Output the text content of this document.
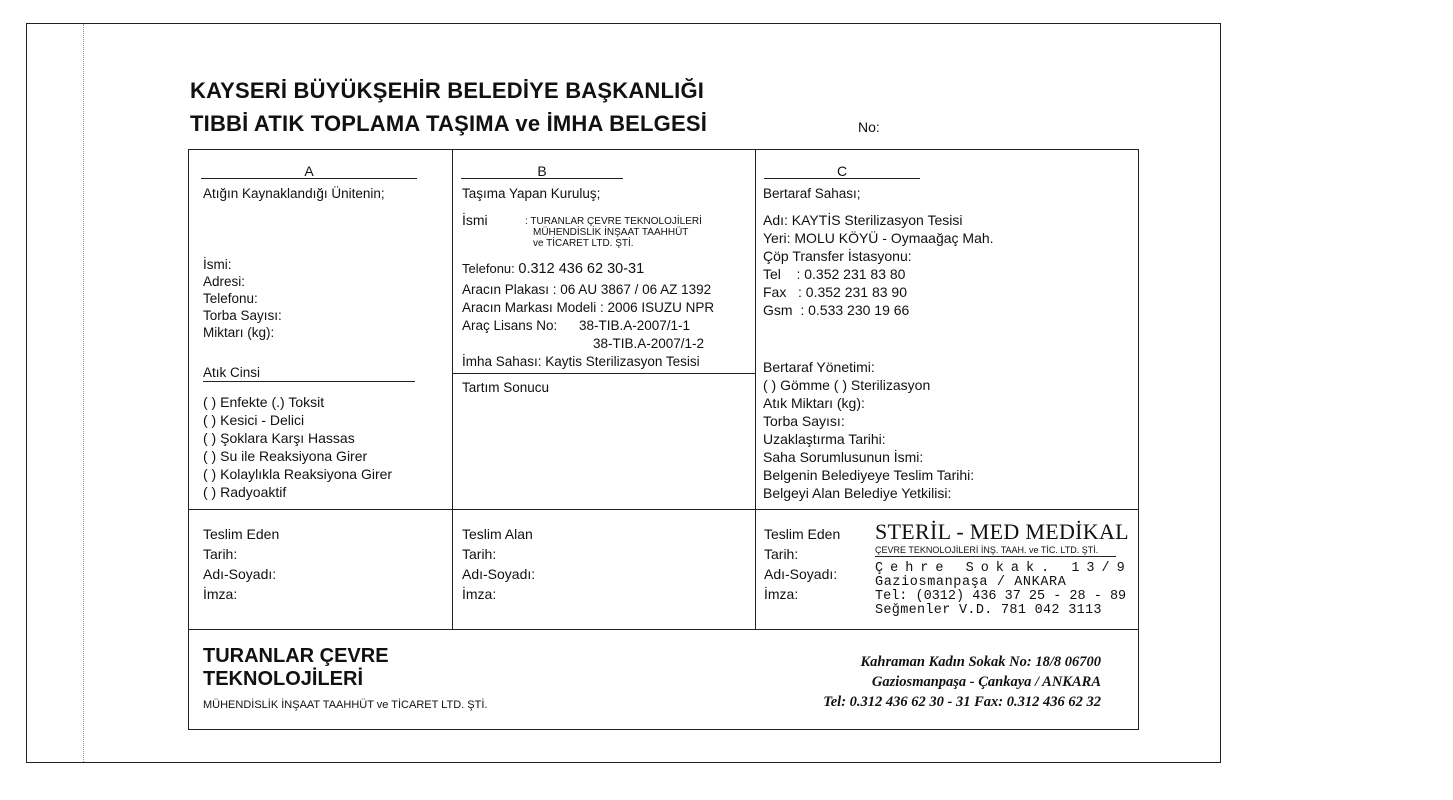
KAYSERİ BÜYÜKŞEHİR BELEDİYE BAŞKANLIĞI
TIBBİ ATIK TOPLAMA TAŞIMA ve İMHA BELGESİ	No:
A
Atığın Kaynaklandığı Ünitenin;
İsmi:
Adresi:
Telefonu:
Torba Sayısı:
Miktarı (kg):
Atık Cinsi
( ) Enfekte (.) Toksit
( ) Kesici - Delici
( ) Şoklara Karşı Hassas
( ) Su ile Reaksiyona Girer
( ) Kolaylıkla Reaksiyona Girer
( ) Radyoaktif
B
Taşıma Yapan Kuruluş;
İsmi	: TURANLAR ÇEVRE TEKNOLOJİLERİ
MÜHENDİSLİK İNŞAAT TAAHHÜT
ve TİCARET LTD. ŞTİ.
Telefonu: 0.312 436 62 30-31
Aracın Plakası : 06 AU 3867 / 06 AZ 1392
Aracın Markası Modeli : 2006 ISUZU NPR
Araç Lisans No: 38-TIB.A-2007/1-1
38-TIB.A-2007/1-2
İmha Sahası: Kaytis Sterilizasyon Tesisi
Tartım Sonucu
C
Bertaraf Sahası;
Adı: KAYTİS Sterilizasyon Tesisi
Yeri: MOLU KÖYÜ - Oymaağaç Mah.
Çöp Transfer İstasyonu:
Tel    : 0.352 231 83 80
Fax   : 0.352 231 83 90
Gsm  : 0.533 230 19 66
Bertaraf Yönetimi:
( ) Gömme ( ) Sterilizasyon
Atık Miktarı (kg):
Torba Sayısı:
Uzaklaştırma Tarihi:
Saha Sorumlusunun İsmi:
Belgenin Belediyeye Teslim Tarihi:
Belgeyi Alan Belediye Yetkilisi:
Teslim Eden
Tarih:
Adı-Soyadı:
İmza:
Teslim Alan
Tarih:
Adı-Soyadı:
İmza:
Teslim Eden
Tarih:
Adı-Soyadı:
İmza:
STERİL - MED MEDİKAL
ÇEVRE TEKNOLOJİLERİ İNŞ. TAAH. ve TİC. LTD. ŞTİ.
Çehre Sokak. 13/9
Gaziosmanpaşa / ANKARA
Tel: (0312) 436 37 25 - 28 - 89
Seğmenler V.D. 781 042 3113
TURANLAR ÇEVRE
TEKNOLOJİLERİ
MÜHENDİSLİK İNŞAAT TAAHHÜT ve TİCARET LTD. ŞTİ.
Kahraman Kadın Sokak No: 18/8 06700
Gaziosmanpaşa - Çankaya / ANKARA
Tel: 0.312 436 62 30 - 31 Fax: 0.312 436 62 32
